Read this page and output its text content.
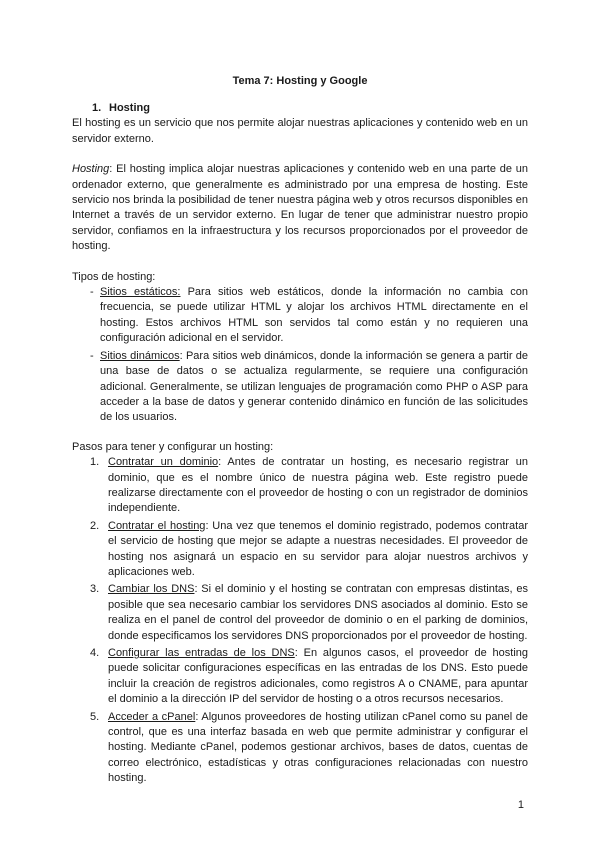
Tema 7: Hosting y Google

1. Hosting

El hosting es un servicio que nos permite alojar nuestras aplicaciones y contenido web en un servidor externo.

Hosting: El hosting implica alojar nuestras aplicaciones y contenido web en una parte de un ordenador externo, que generalmente es administrado por una empresa de hosting. Este servicio nos brinda la posibilidad de tener nuestra página web y otros recursos disponibles en Internet a través de un servidor externo. En lugar de tener que administrar nuestro propio servidor, confiamos en la infraestructura y los recursos proporcionados por el proveedor de hosting.

Tipos de hosting:

- Sitios estáticos: Para sitios web estáticos, donde la información no cambia con frecuencia, se puede utilizar HTML y alojar los archivos HTML directamente en el hosting. Estos archivos HTML son servidos tal como están y no requieren una configuración adicional en el servidor.
- Sitios dinámicos: Para sitios web dinámicos, donde la información se genera a partir de una base de datos o se actualiza regularmente, se requiere una configuración adicional. Generalmente, se utilizan lenguajes de programación como PHP o ASP para acceder a la base de datos y generar contenido dinámico en función de las solicitudes de los usuarios.

Pasos para tener y configurar un hosting:

1. Contratar un dominio: Antes de contratar un hosting, es necesario registrar un dominio, que es el nombre único de nuestra página web. Este registro puede realizarse directamente con el proveedor de hosting o con un registrador de dominios independiente.
2. Contratar el hosting: Una vez que tenemos el dominio registrado, podemos contratar el servicio de hosting que mejor se adapte a nuestras necesidades. El proveedor de hosting nos asignará un espacio en su servidor para alojar nuestros archivos y aplicaciones web.
3. Cambiar los DNS: Si el dominio y el hosting se contratan con empresas distintas, es posible que sea necesario cambiar los servidores DNS asociados al dominio. Esto se realiza en el panel de control del proveedor de dominio o en el parking de dominios, donde especificamos los servidores DNS proporcionados por el proveedor de hosting.
4. Configurar las entradas de los DNS: En algunos casos, el proveedor de hosting puede solicitar configuraciones específicas en las entradas de los DNS. Esto puede incluir la creación de registros adicionales, como registros A o CNAME, para apuntar el dominio a la dirección IP del servidor de hosting o a otros recursos necesarios.
5. Acceder a cPanel: Algunos proveedores de hosting utilizan cPanel como su panel de control, que es una interfaz basada en web que permite administrar y configurar el hosting. Mediante cPanel, podemos gestionar archivos, bases de datos, cuentas de correo electrónico, estadísticas y otras configuraciones relacionadas con nuestro hosting.
1
